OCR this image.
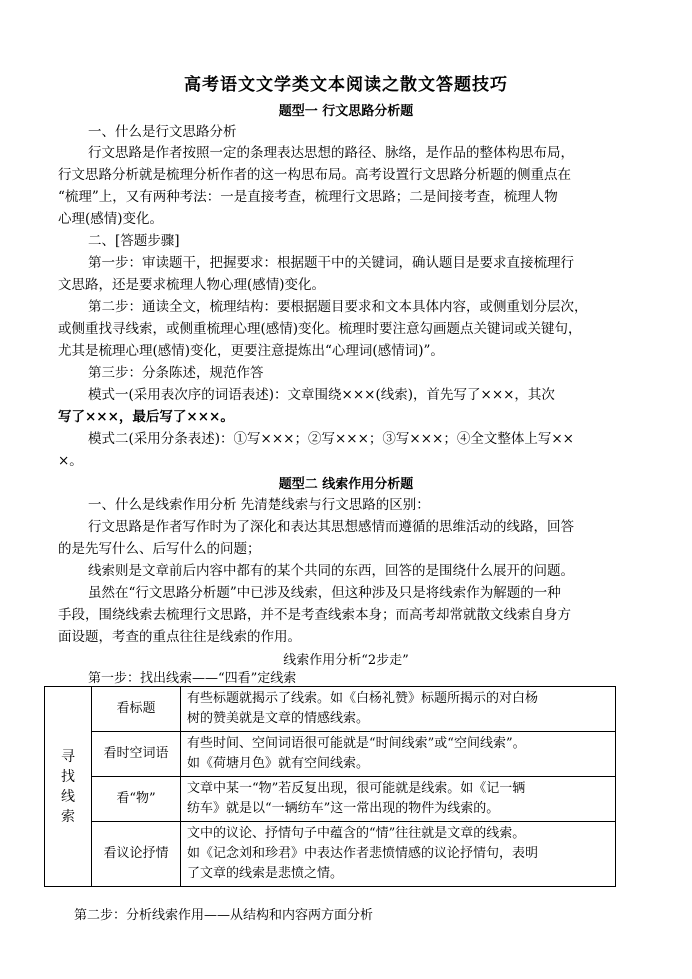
高考语文文学类文本阅读之散文答题技巧
题型一 行文思路分析题
一、什么是行文思路分析
行文思路是作者按照一定的条理表达思想的路径、脉络，是作品的整体构思布局，
行文思路分析就是梳理分析作者的这一构思布局。高考设置行文思路分析题的侧重点在
“梳理”上，又有两种考法：一是直接考查，梳理行文思路；二是间接考查，梳理人物
心理(感情)变化。
二、[答题步骤]
第一步：审读题干，把握要求：根据题干中的关键词，确认题目是要求直接梳理行
文思路，还是要求梳理人物心理(感情)变化。
第二步：通读全文，梳理结构：要根据题目要求和文本具体内容，或侧重划分层次，
或侧重找寻线索，或侧重梳理心理(感情)变化。梳理时要注意勾画题点关键词或关键句，
尤其是梳理心理(感情)变化，更要注意提炼出“心理词(感情词)”。
第三步：分条陈述，规范作答
模式一(采用表次序的词语表述)：文章围绕×××(线索)，首先写了×××，其次
写了×××，最后写了×××。
模式二(采用分条表述)：①写×××；②写×××；③写×××；④全文整体上写××
×。
题型二 线索作用分析题
一、什么是线索作用分析 先清楚线索与行文思路的区别：
行文思路是作者写作时为了深化和表达其思想感情而遵循的思维活动的线路，回答
的是先写什么、后写什么的问题；
线索则是文章前后内容中都有的某个共同的东西，回答的是围绕什么展开的问题。
虽然在“行文思路分析题”中已涉及线索，但这种涉及只是将线索作为解题的一种
手段，围绕线索去梳理行文思路，并不是考查线索本身；而高考却常就散文线索自身方
面设题，考查的重点往往是线索的作用。
线索作用分析“2步走”
第一步：找出线索——“四看”定线索
寻找线索	看标题	有些标题就揭示了线索。如《白杨礼赞》标题所揭示的对白杨
树的赞美就是文章的情感线索。

	看时空词语	有些时间、空间词语很可能就是“时间线索”或“空间线索”。
如《荷塘月色》就有空间线索。

	看“物”	文章中某一“物”若反复出现，很可能就是线索。如《记一辆
纺车》就是以“一辆纺车”这一常出现的物件为线索的。

	看议论抒情	文中的议论、抒情句子中蕴含的“情”往往就是文章的线索。
如《记念刘和珍君》中表达作者悲愤情感的议论抒情句，表明
了文章的线索是悲愤之情。
第二步：分析线索作用——从结构和内容两方面分析
